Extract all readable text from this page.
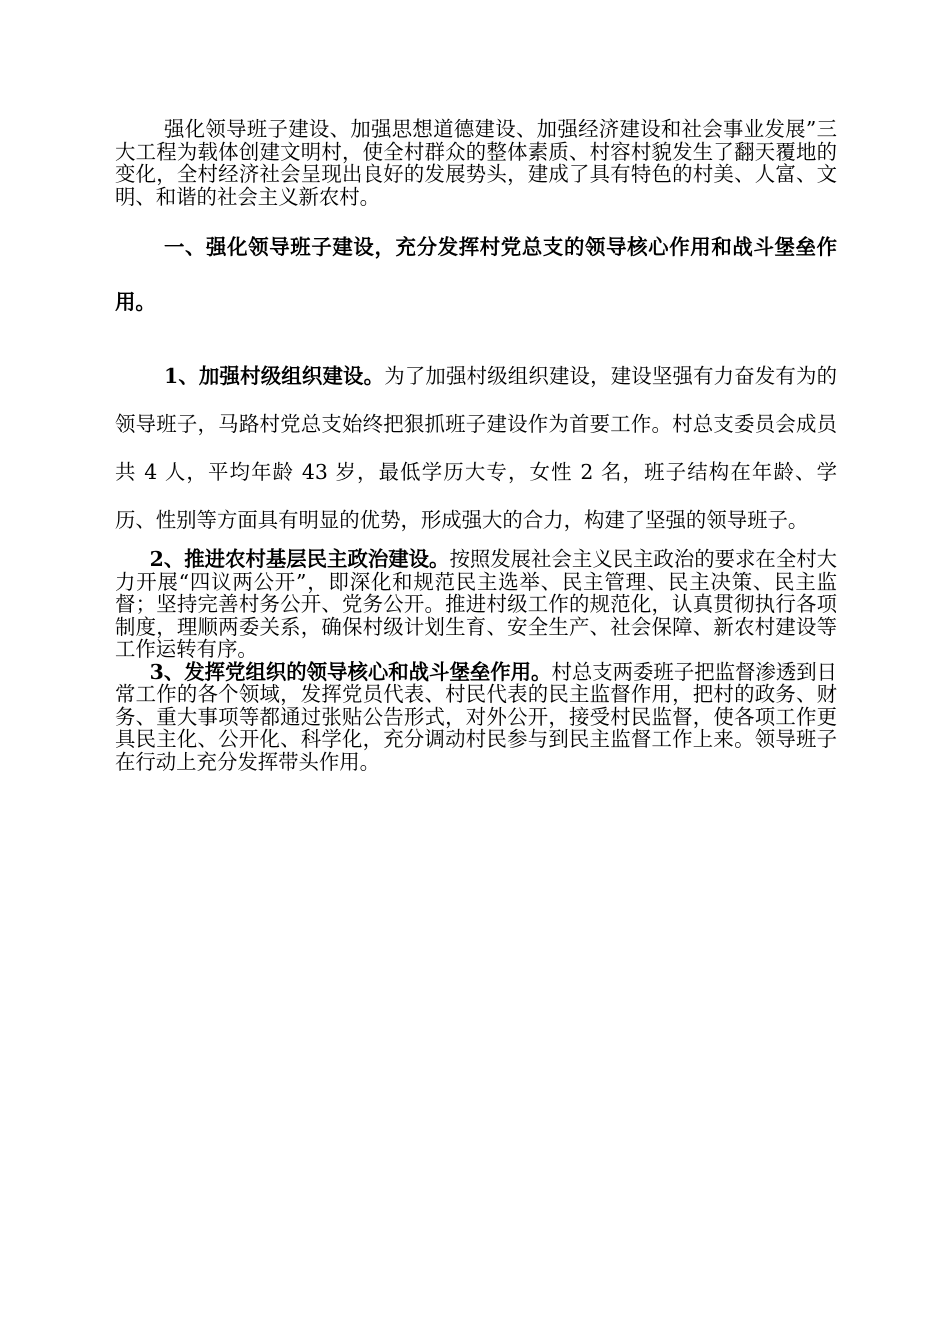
强化领导班子建设、加强思想道德建设、加强经济建设和社会事业发展”三大工程为载体创建文明村，使全村群众的整体素质、村容村貌发生了翻天覆地的变化，全村经济社会呈现出良好的发展势头，建成了具有特色的村美、人富、文明、和谐的社会主义新农村。

一、强化领导班子建设，充分发挥村党总支的领导核心作用和战斗堡垒作用。

1、加强村级组织建设。为了加强村级组织建设，建设坚强有力奋发有为的领导班子，马路村党总支始终把狠抓班子建设作为首要工作。村总支委员会成员共 4 人，平均年龄 43 岁，最低学历大专，女性 2 名，班子结构在年龄、学历、性别等方面具有明显的优势，形成强大的合力，构建了坚强的领导班子。

2、推进农村基层民主政治建设。按照发展社会主义民主政治的要求在全村大力开展“四议两公开”，即深化和规范民主选举、民主管理、民主决策、民主监督；坚持完善村务公开、党务公开。推进村级工作的规范化，认真贯彻执行各项制度，理顺两委关系，确保村级计划生育、安全生产、社会保障、新农村建设等工作运转有序。

3、发挥党组织的领导核心和战斗堡垒作用。村总支两委班子把监督渗透到日常工作的各个领域，发挥党员代表、村民代表的民主监督作用，把村的政务、财务、重大事项等都通过张贴公告形式，对外公开，接受村民监督，使各项工作更具民主化、公开化、科学化，充分调动村民参与到民主监督工作上来。领导班子在行动上充分发挥带头作用。
